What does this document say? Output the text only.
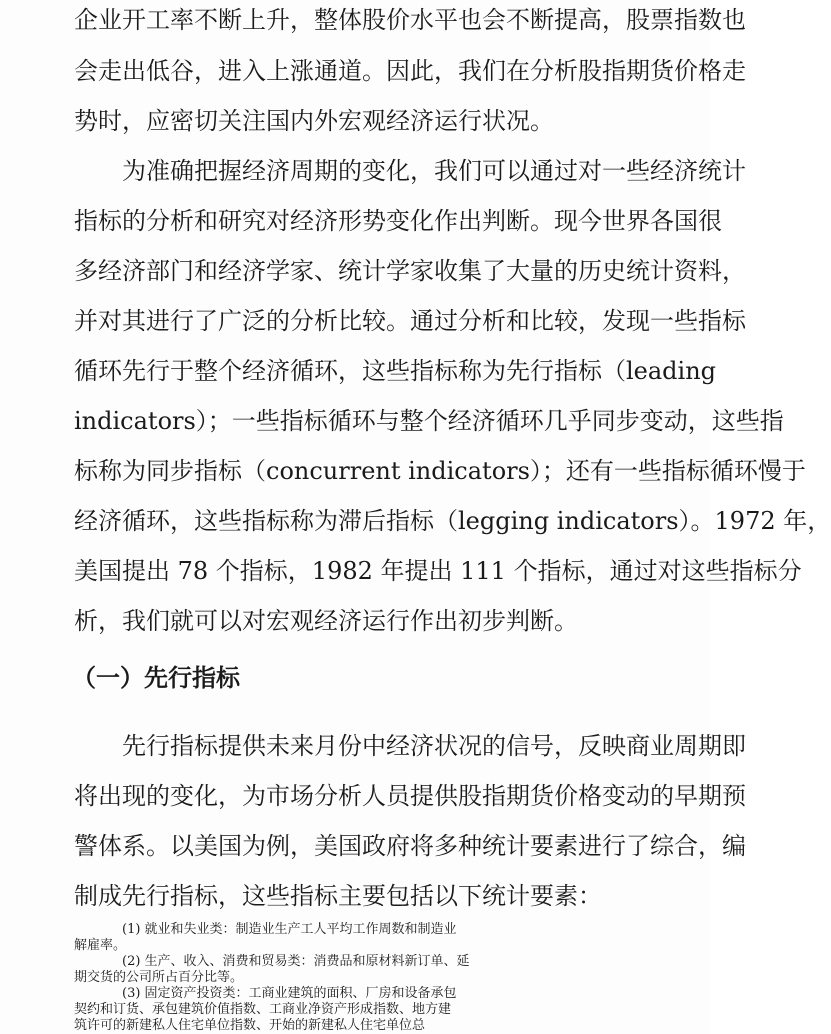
企业开工率不断上升，整体股价水平也会不断提高，股票指数也
会走出低谷，进入上涨通道。因此，我们在分析股指期货价格走
势时，应密切关注国内外宏观经济运行状况。
为准确把握经济周期的变化，我们可以通过对一些经济统计
指标的分析和研究对经济形势变化作出判断。现今世界各国很
多经济部门和经济学家、统计学家收集了大量的历史统计资料，
并对其进行了广泛的分析比较。通过分析和比较，发现一些指标
循环先行于整个经济循环，这些指标称为先行指标（leading
indicators）；一些指标循环与整个经济循环几乎同步变动，这些指
标称为同步指标（concurrent indicators）；还有一些指标循环慢于
经济循环，这些指标称为滞后指标（legging indicators）。1972 年，
美国提出 78 个指标，1982 年提出 111 个指标，通过对这些指标分
析，我们就可以对宏观经济运行作出初步判断。
（一）先行指标
先行指标提供未来月份中经济状况的信号，反映商业周期即
将出现的变化，为市场分析人员提供股指期货价格变动的早期预
警体系。以美国为例，美国政府将多种统计要素进行了综合，编
制成先行指标，这些指标主要包括以下统计要素：
(1) 就业和失业类：制造业生产工人平均工作周数和制造业
解雇率。
(2) 生产、收入、消费和贸易类：消费品和原材料新订单、延
期交货的公司所占百分比等。
(3) 固定资产投资类：工商业建筑的面积、厂房和设备承包
契约和订货、承包建筑价值指数、工商业净资产形成指数、地方建
筑许可的新建私人住宅单位指数、开始的新建私人住宅单位总
